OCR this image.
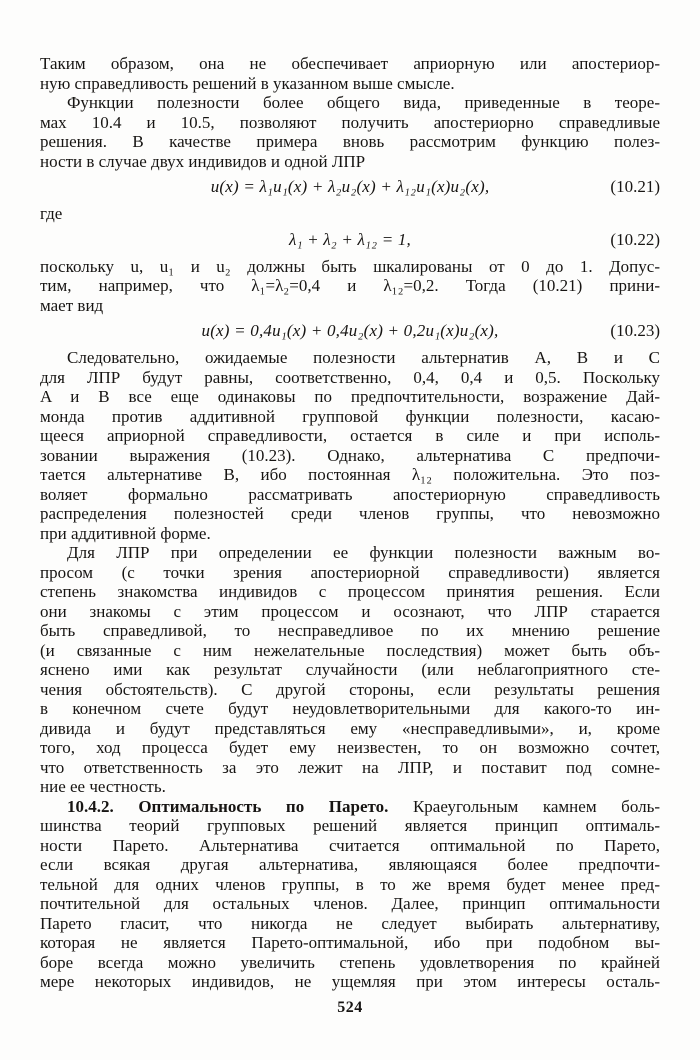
Таким образом, она не обеспечивает априорную или апостериор-
ную справедливость решений в указанном выше смысле.
Функции полезности более общего вида, приведенные в теоре-
мах 10.4 и 10.5, позволяют получить апостериорно справедливые
решения. В качестве примера вновь рассмотрим функцию полез-
ности в случае двух индивидов и одной ЛПР
u(x) = λ₁u₁(x) + λ₂u₂(x) + λ₁₂u₁(x)u₂(x),	(10.21)
где
λ₁ + λ₂ + λ₁₂ = 1,	(10.22)
поскольку u, u₁ и u₂ должны быть шкалированы от 0 до 1. Допус-
тим, например, что λ₁=λ₂=0,4 и λ₁₂=0,2. Тогда (10.21) прини-
мает вид
u(x) = 0,4u₁(x) + 0,4u₂(x) + 0,2u₁(x)u₂(x),	(10.23)
Следовательно, ожидаемые полезности альтернатив A, B и C
для ЛПР будут равны, соответственно, 0,4, 0,4 и 0,5. Поскольку
A и B все еще одинаковы по предпочтительности, возражение Дай-
монда против аддитивной групповой функции полезности, касаю-
щееся априорной справедливости, остается в силе и при исполь-
зовании выражения (10.23). Однако, альтернатива C предпочи-
тается альтернативе B, ибо постоянная λ₁₂ положительна. Это поз-
воляет формально рассматривать апостериорную справедливость
распределения полезностей среди членов группы, что невозможно
при аддитивной форме.
Для ЛПР при определении ее функции полезности важным во-
просом (с точки зрения апостериорной справедливости) является
степень знакомства индивидов с процессом принятия решения. Если
они знакомы с этим процессом и осознают, что ЛПР старается
быть справедливой, то несправедливое по их мнению решение
(и связанные с ним нежелательные последствия) может быть объ-
яснено ими как результат случайности (или неблагоприятного сте-
чения обстоятельств). С другой стороны, если результаты решения
в конечном счете будут неудовлетворительными для какого-то ин-
дивида и будут представляться ему «несправедливыми», и, кроме
того, ход процесса будет ему неизвестен, то он возможно сочтет,
что ответственность за это лежит на ЛПР, и поставит под сомне-
ние ее честность.
10.4.2. Оптимальность по Парето. Краеугольным камнем боль-
шинства теорий групповых решений является принцип оптималь-
ности Парето. Альтернатива считается оптимальной по Парето,
если всякая другая альтернатива, являющаяся более предпочти-
тельной для одних членов группы, в то же время будет менее пред-
почтительной для остальных членов. Далее, принцип оптимальности
Парето гласит, что никогда не следует выбирать альтернативу,
которая не является Парето-оптимальной, ибо при подобном вы-
боре всегда можно увеличить степень удовлетворения по крайней
мере некоторых индивидов, не ущемляя при этом интересы осталь-
524
